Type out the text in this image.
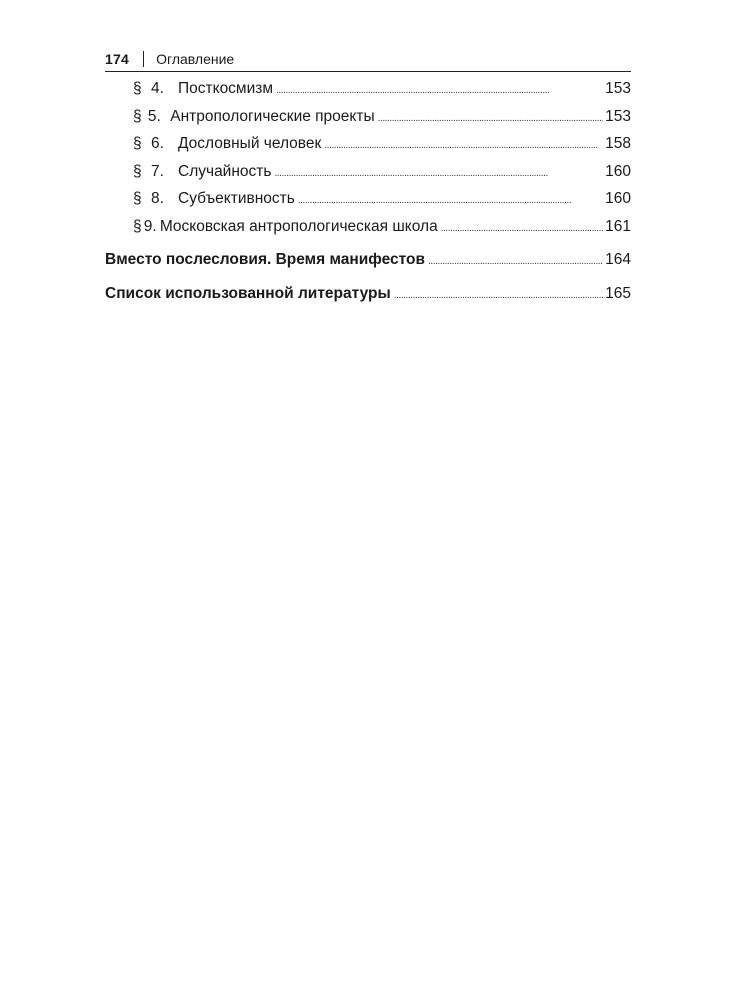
174 Оглавление
§ 4. Посткосмизм . . .	153
§ 5. Антропологические проекты . . .	153
§ 6. Дословный человек . . .	158
§ 7. Случайность . . .	160
§ 8. Субъективность . . .	160
§ 9. Московская антропологическая школа . . .	161
Вместо послесловия. Время манифестов . . .	164
Список использованной литературы . . .	165
